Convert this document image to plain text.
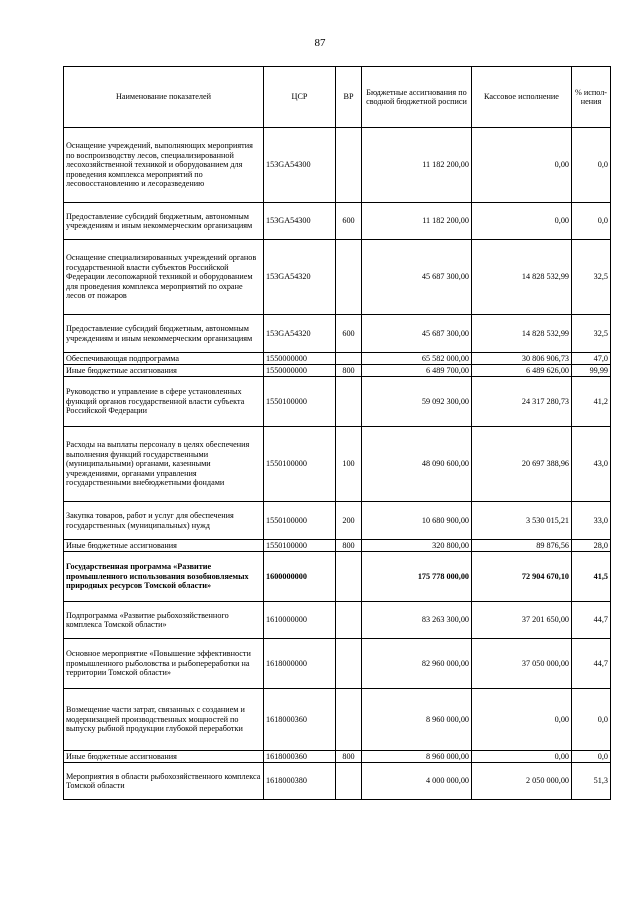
87
Наименование показателей	ЦСР	ВР	Бюджетные ассигнования по сводной бюджетной росписи	Кассовое исполнение	% испол-нения
Оснащение учреждений, выполняющих мероприятия по воспроизводству лесов, специализированной лесохозяйственной техникой и оборудованием для проведения комплекса мероприятий по лесовосстановлению и лесоразведению	153GA54300		11 182 200,00	0,00	0,0
Предоставление субсидий бюджетным, автономным учреждениям и иным некоммерческим организациям	153GA54300	600	11 182 200,00	0,00	0,0
Оснащение специализированных учреждений органов государственной власти субъектов Российской Федерации лесопожарной техникой и оборудованием для проведения комплекса мероприятий по охране лесов от пожаров	153GA54320		45 687 300,00	14 828 532,99	32,5
Предоставление субсидий бюджетным, автономным учреждениям и иным некоммерческим организациям	153GA54320	600	45 687 300,00	14 828 532,99	32,5
Обеспечивающая подпрограмма	1550000000		65 582 000,00	30 806 906,73	47,0
Иные бюджетные ассигнования	1550000000	800	6 489 700,00	6 489 626,00	99,99
Руководство и управление в сфере установленных функций органов государственной власти субъекта Российской Федерации	1550100000		59 092 300,00	24 317 280,73	41,2
Расходы на выплаты персоналу в целях обеспечения выполнения функций государственными (муниципальными) органами, казенными учреждениями, органами управления государственными внебюджетными фондами	1550100000	100	48 090 600,00	20 697 388,96	43,0
Закупка товаров, работ и услуг для обеспечения государственных (муниципальных) нужд	1550100000	200	10 680 900,00	3 530 015,21	33,0
Иные бюджетные ассигнования	1550100000	800	320 800,00	89 876,56	28,0
Государственная программа «Развитие промышленного использования возобновляемых природных ресурсов Томской области»	1600000000		175 778 000,00	72 904 670,10	41,5
Подпрограмма «Развитие рыбохозяйственного комплекса Томской области»	1610000000		83 263 300,00	37 201 650,00	44,7
Основное мероприятие «Повышение эффективности промышленного рыболовства и рыбопереработки на территории Томской области»	1618000000		82 960 000,00	37 050 000,00	44,7
Возмещение части затрат, связанных с созданием и модернизацией производственных мощностей по выпуску рыбной продукции глубокой переработки	1618000360		8 960 000,00	0,00	0,0
Иные бюджетные ассигнования	1618000360	800	8 960 000,00	0,00	0,0
Мероприятия в области рыбохозяйственного комплекса Томской области	1618000380		4 000 000,00	2 050 000,00	51,3
